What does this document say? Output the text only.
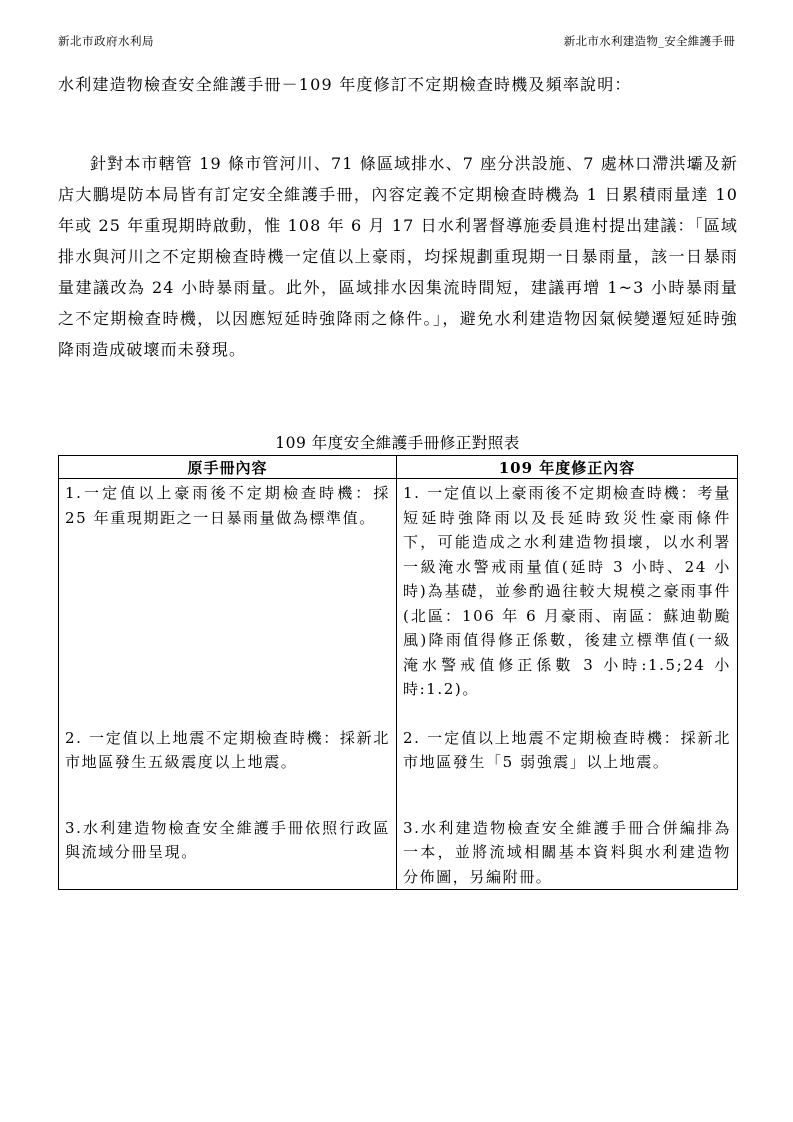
新北市政府水利局	新北市水利建造物_安全維護手冊
水利建造物檢查安全維護手冊－109 年度修訂不定期檢查時機及頻率說明：

針對本市轄管 19 條市管河川、71 條區域排水、7 座分洪設施、7 處林口滯洪壩及新店大鵬堤防本局皆有訂定安全維護手冊，內容定義不定期檢查時機為 1 日累積雨量達 10 年或 25 年重現期時啟動，惟 108 年 6 月 17 日水利署督導施委員進村提出建議：「區域排水與河川之不定期檢查時機一定值以上豪雨，均採規劃重現期一日暴雨量，該一日暴雨量建議改為 24 小時暴雨量。此外，區域排水因集流時間短，建議再增 1~3 小時暴雨量之不定期檢查時機，以因應短延時強降雨之條件。」，避免水利建造物因氣候變遷短延時強降雨造成破壞而未發現。

109 年度安全維護手冊修正對照表
原手冊內容	109 年度修正內容
1.一定值以上豪雨後不定期檢查時機：採 25 年重現期距之一日暴雨量做為標準值。	1. 一定值以上豪雨後不定期檢查時機：考量短延時強降雨以及長延時致災性豪雨條件下，可能造成之水利建造物損壞，以水利署一級淹水警戒雨量值(延時 3 小時、24 小時)為基礎，並參酌過往較大規模之豪雨事件(北區：106 年 6 月豪雨、南區：蘇迪勒颱風)降雨值得修正係數，後建立標準值(一級淹水警戒值修正係數 3 小時:1.5;24 小時:1.2)。
2. 一定值以上地震不定期檢查時機：採新北市地區發生五級震度以上地震。	2. 一定值以上地震不定期檢查時機：採新北市地區發生「5 弱強震」以上地震。
3.水利建造物檢查安全維護手冊依照行政區與流域分冊呈現。	3.水利建造物檢查安全維護手冊合併編排為一本，並將流域相關基本資料與水利建造物分佈圖，另編附冊。
